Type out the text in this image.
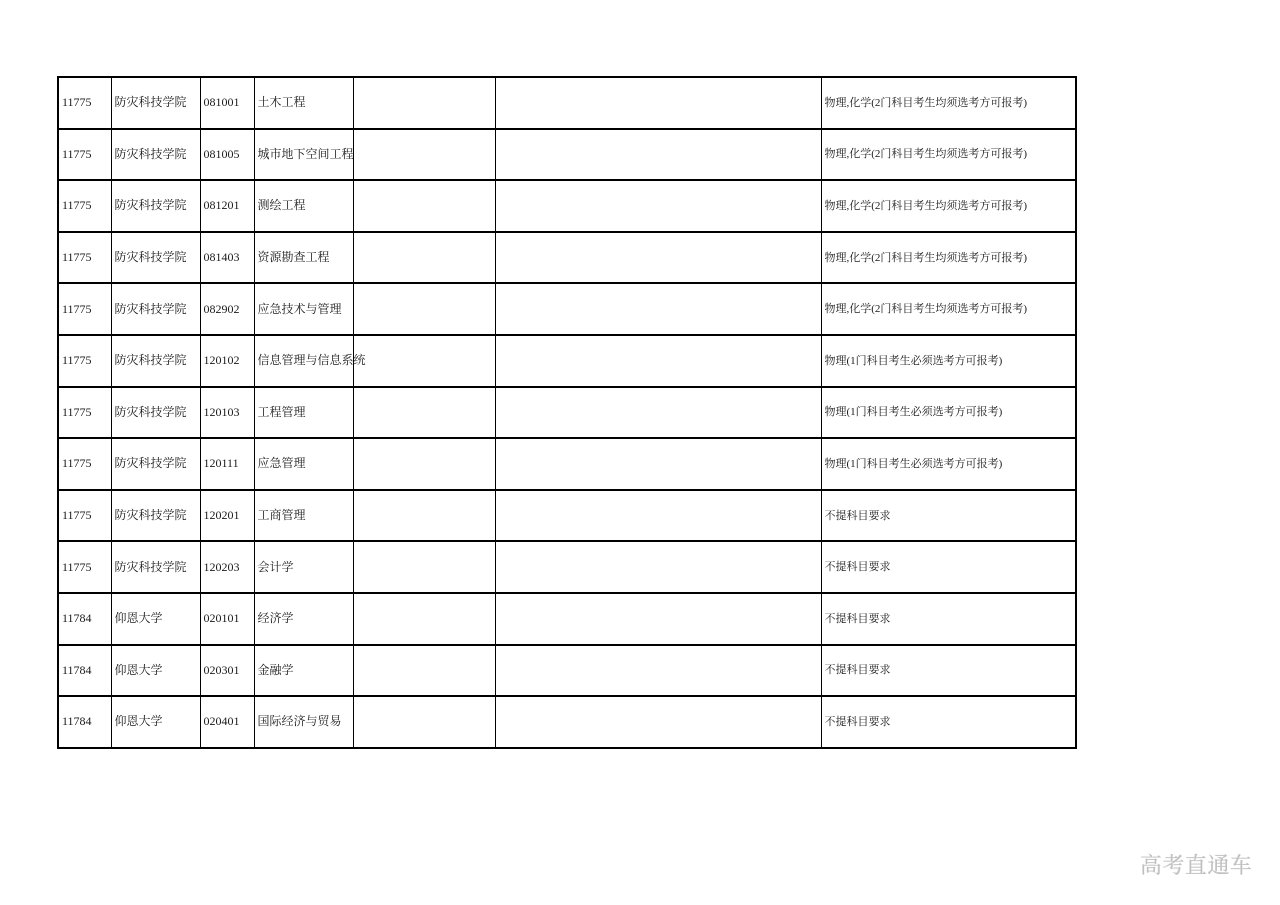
11775	防灾科技学院	081001	土木工程			物理,化学(2门科目考生均须选考方可报考)
11775	防灾科技学院	081005	城市地下空间工程			物理,化学(2门科目考生均须选考方可报考)
11775	防灾科技学院	081201	测绘工程			物理,化学(2门科目考生均须选考方可报考)
11775	防灾科技学院	081403	资源勘查工程			物理,化学(2门科目考生均须选考方可报考)
11775	防灾科技学院	082902	应急技术与管理			物理,化学(2门科目考生均须选考方可报考)
11775	防灾科技学院	120102	信息管理与信息系统			物理(1门科目考生必须选考方可报考)
11775	防灾科技学院	120103	工程管理			物理(1门科目考生必须选考方可报考)
11775	防灾科技学院	120111	应急管理			物理(1门科目考生必须选考方可报考)
11775	防灾科技学院	120201	工商管理			不提科目要求
11775	防灾科技学院	120203	会计学			不提科目要求
11784	仰恩大学	020101	经济学			不提科目要求
11784	仰恩大学	020301	金融学			不提科目要求
11784	仰恩大学	020401	国际经济与贸易			不提科目要求
高考直通车
